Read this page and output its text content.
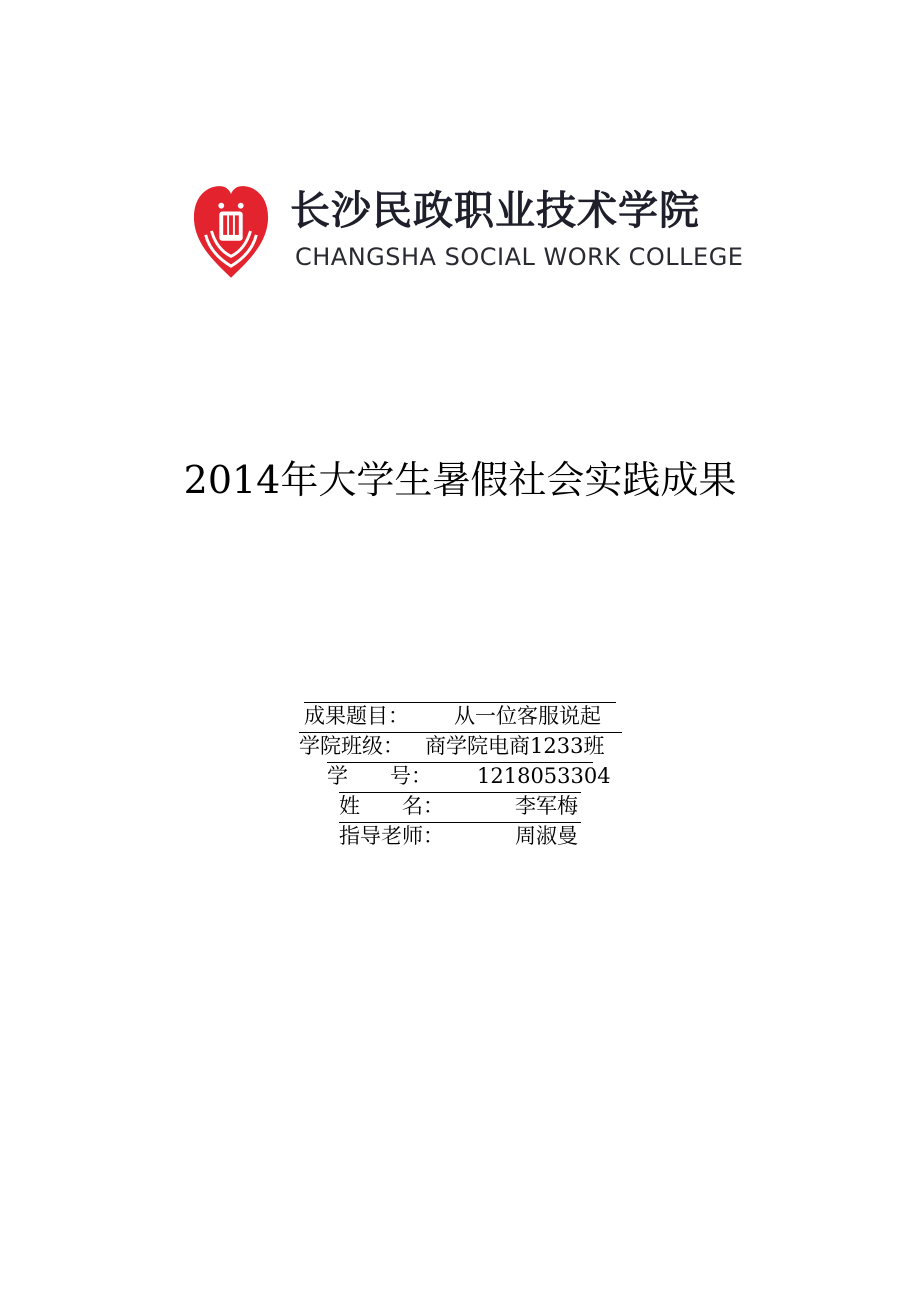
长沙民政职业技术学院
CHANGSHA SOCIAL WORK COLLEGE
2014年大学生暑假社会实践成果
成果题目： 从一位客服说起
学院班级： 商学院电商1233班
学　　号： 1218053304
姓　　名：	李军梅
指导老师：	周淑曼
